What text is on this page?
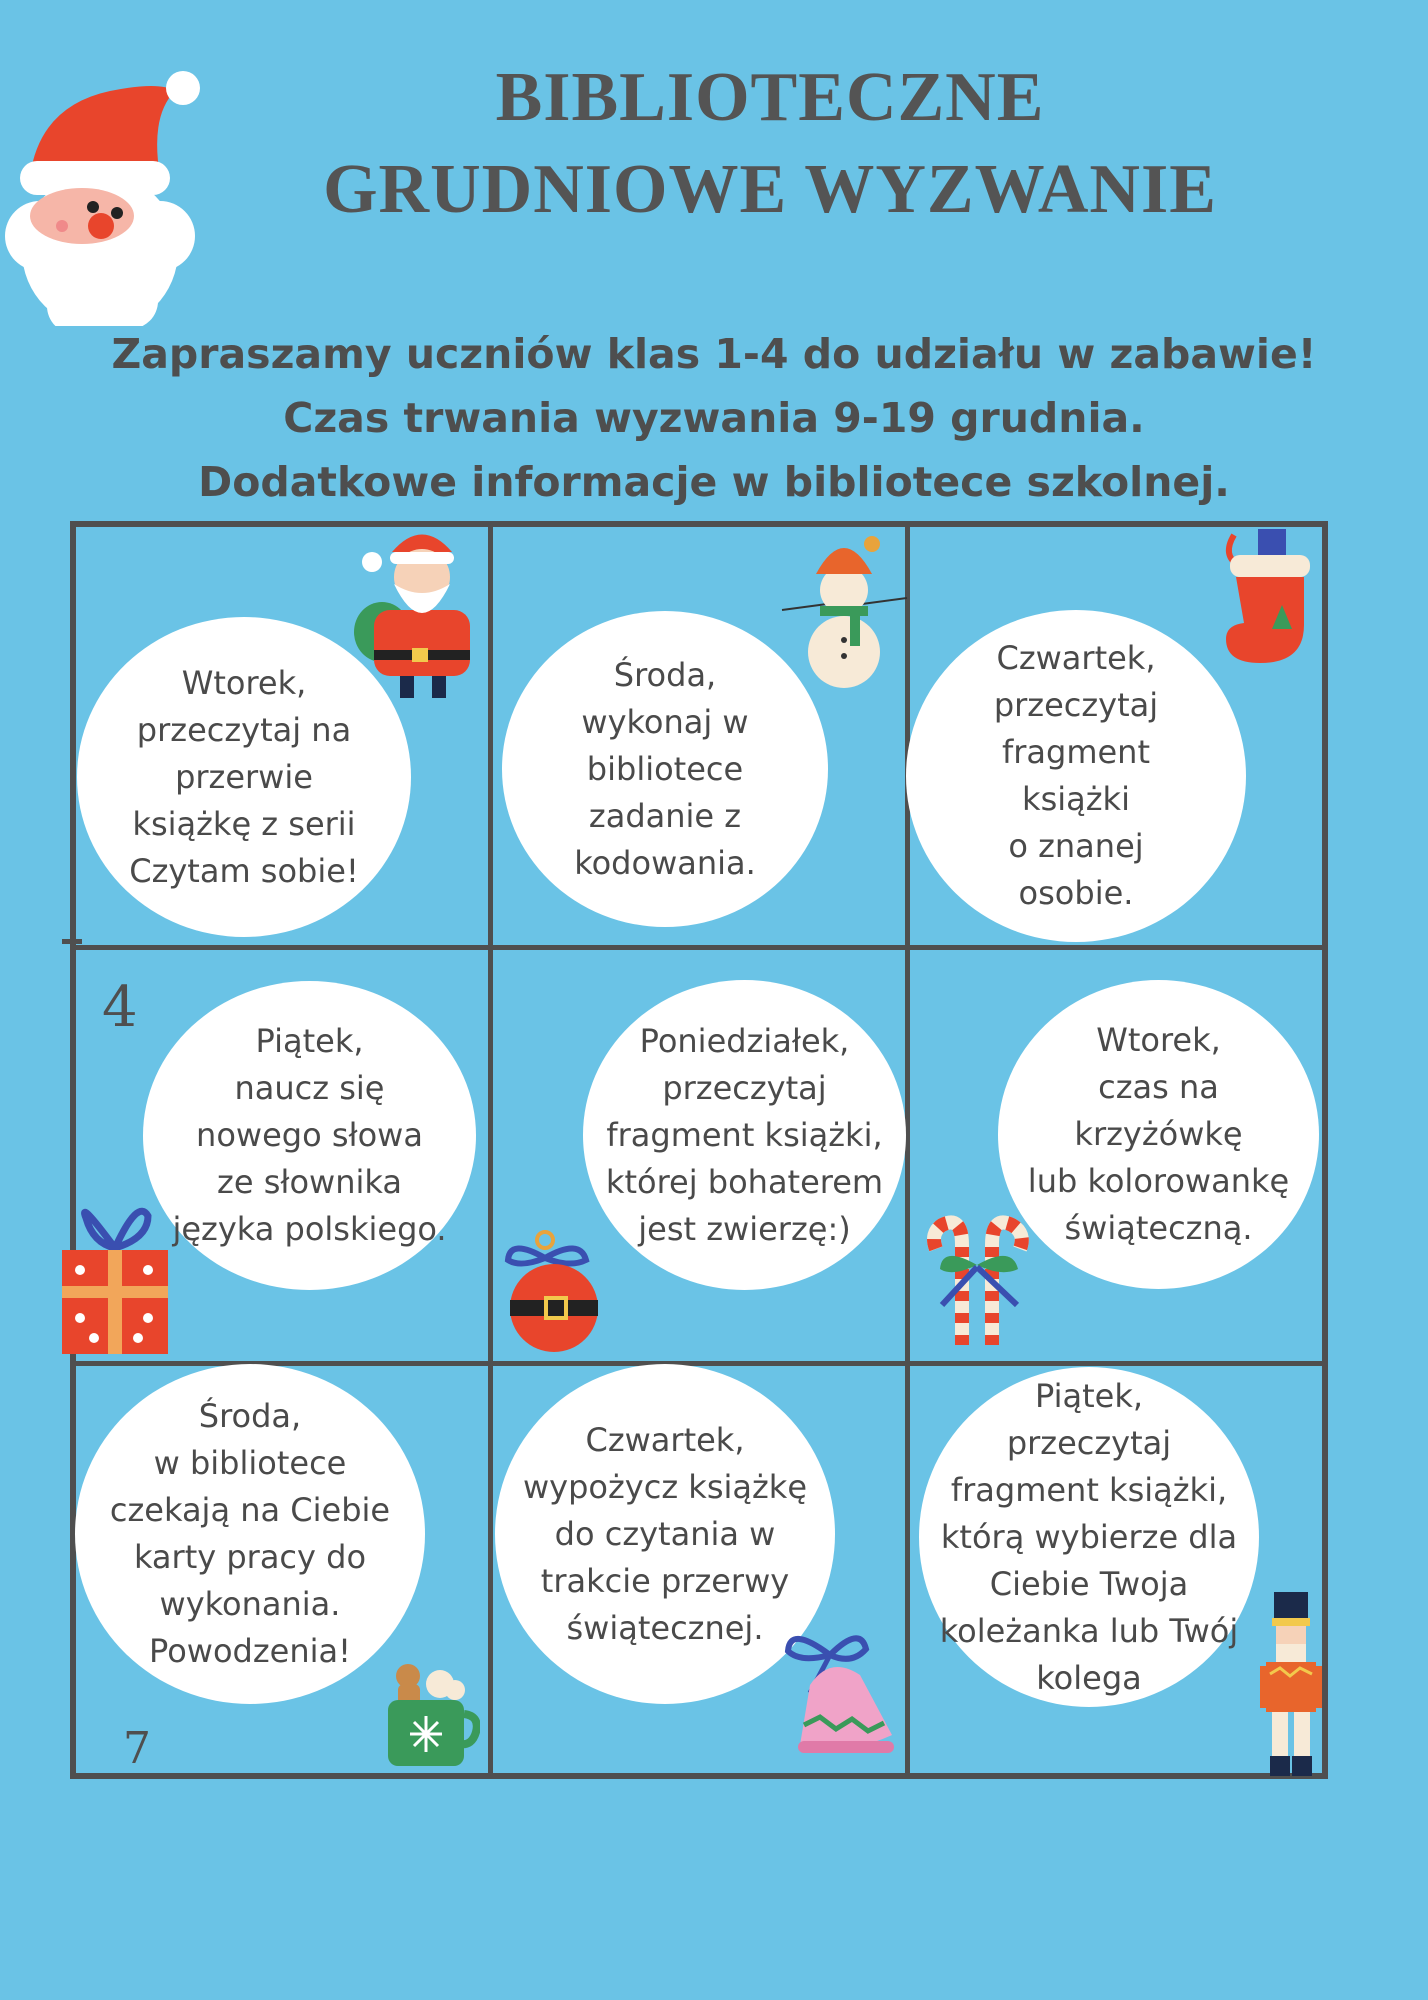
BIBLIOTECZNE
GRUDNIOWE WYZWANIE
Zapraszamy uczniów klas 1-4 do udziału w zabawie!
Czas trwania wyzwania 9-19 grudnia.
Dodatkowe informacje w bibliotece szkolnej.
Wtorek,
przeczytaj na
przerwie
książkę z serii
Czytam sobie!
Środa,
wykonaj w
bibliotece
zadanie z
kodowania.
Czwartek,
przeczytaj
fragment
książki
o znanej
osobie.
Piątek,
naucz się
nowego słowa
ze słownika
języka polskiego.
Poniedziałek,
przeczytaj
fragment książki,
której bohaterem
jest zwierzę:)
Wtorek,
czas na
krzyżówkę
lub kolorowankę
świąteczną.
Środa,
w bibliotece
czekają na Ciebie
karty pracy do
wykonania.
Powodzenia!
Czwartek,
wypożycz książkę
do czytania w
trakcie przerwy
świątecznej.
Piątek,
przeczytaj
fragment książki,
którą wybierze dla
Ciebie Twoja
koleżanka lub Twój
kolega
4
7
